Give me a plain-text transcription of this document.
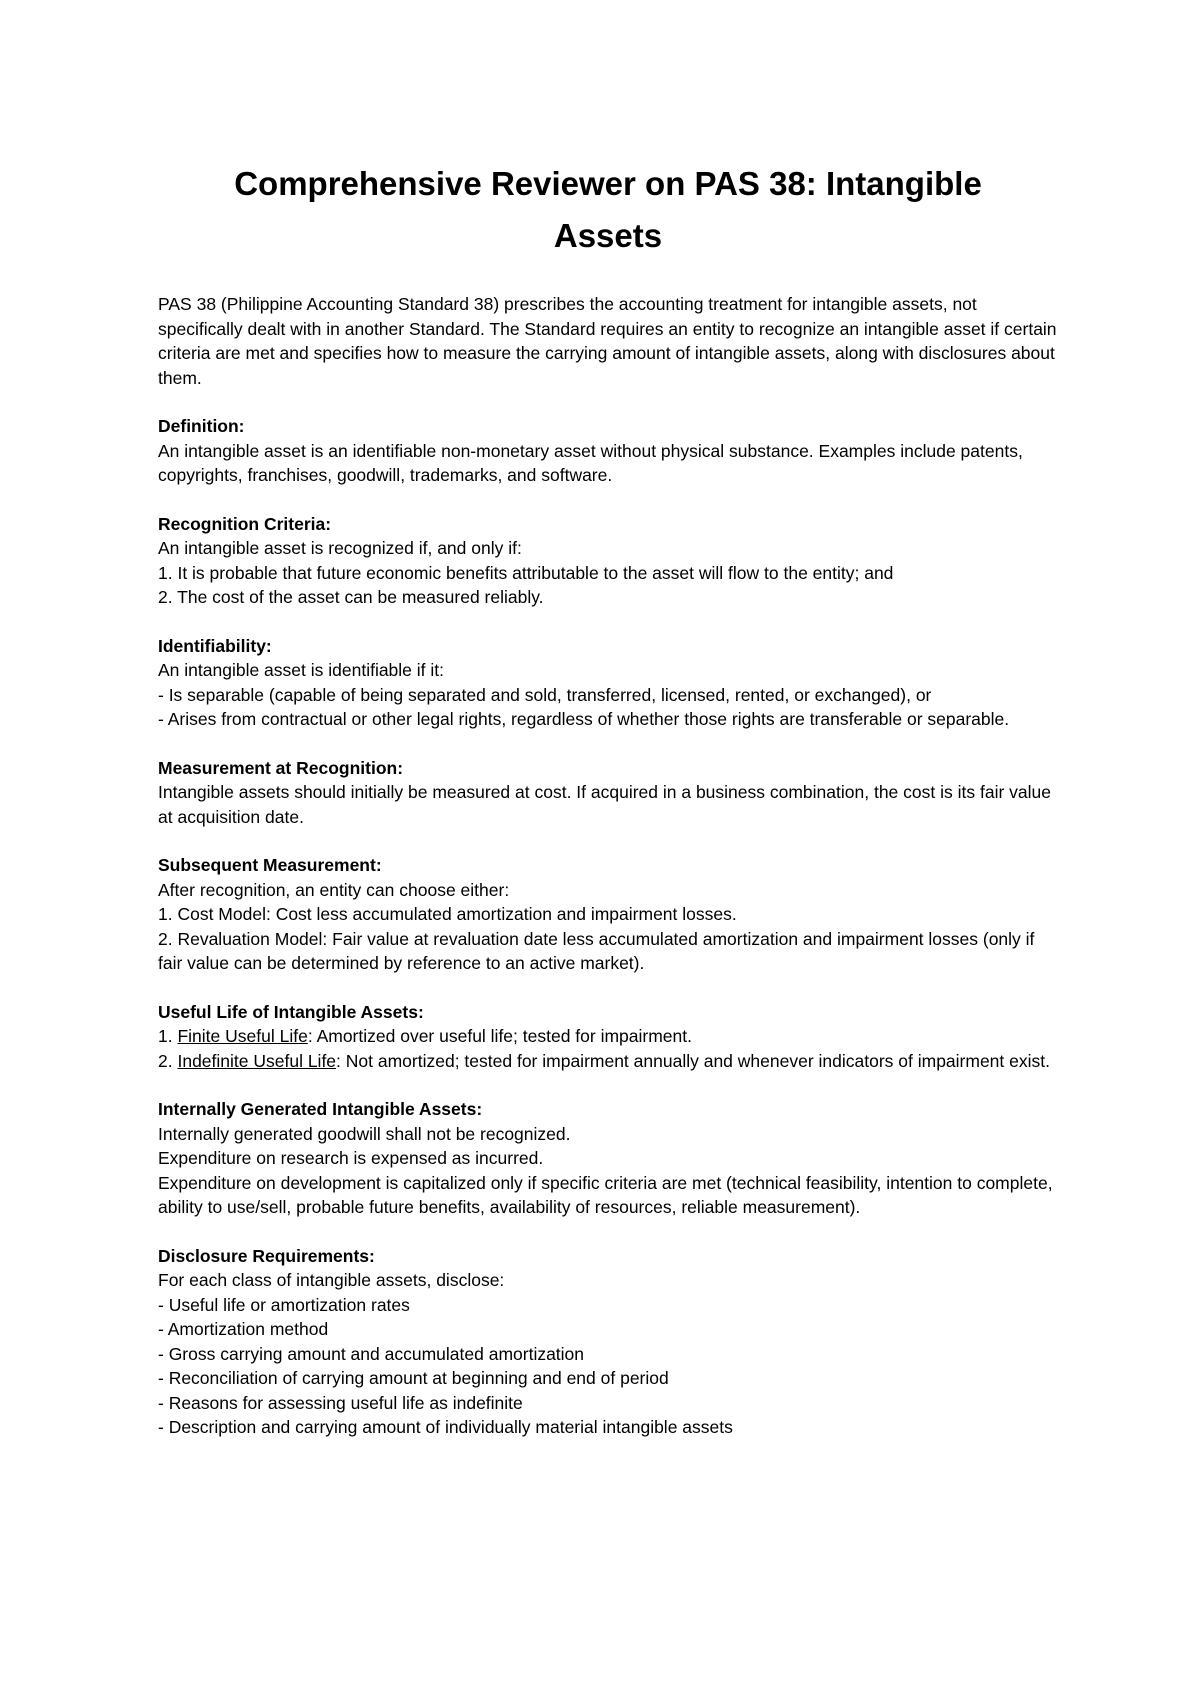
Comprehensive Reviewer on PAS 38: Intangible Assets

PAS 38 (Philippine Accounting Standard 38) prescribes the accounting treatment for intangible assets, not specifically dealt with in another Standard. The Standard requires an entity to recognize an intangible asset if certain criteria are met and specifies how to measure the carrying amount of intangible assets, along with disclosures about them.

Definition:
An intangible asset is an identifiable non-monetary asset without physical substance. Examples include patents, copyrights, franchises, goodwill, trademarks, and software.

Recognition Criteria:
An intangible asset is recognized if, and only if:
1. It is probable that future economic benefits attributable to the asset will flow to the entity; and
2. The cost of the asset can be measured reliably.

Identifiability:
An intangible asset is identifiable if it:
- Is separable (capable of being separated and sold, transferred, licensed, rented, or exchanged), or
- Arises from contractual or other legal rights, regardless of whether those rights are transferable or separable.

Measurement at Recognition:
Intangible assets should initially be measured at cost. If acquired in a business combination, the cost is its fair value at acquisition date.

Subsequent Measurement:
After recognition, an entity can choose either:
1. Cost Model: Cost less accumulated amortization and impairment losses.
2. Revaluation Model: Fair value at revaluation date less accumulated amortization and impairment losses (only if fair value can be determined by reference to an active market).

Useful Life of Intangible Assets:
1. Finite Useful Life: Amortized over useful life; tested for impairment.
2. Indefinite Useful Life: Not amortized; tested for impairment annually and whenever indicators of impairment exist.

Internally Generated Intangible Assets:
Internally generated goodwill shall not be recognized.
Expenditure on research is expensed as incurred.
Expenditure on development is capitalized only if specific criteria are met (technical feasibility, intention to complete, ability to use/sell, probable future benefits, availability of resources, reliable measurement).

Disclosure Requirements:
For each class of intangible assets, disclose:
- Useful life or amortization rates
- Amortization method
- Gross carrying amount and accumulated amortization
- Reconciliation of carrying amount at beginning and end of period
- Reasons for assessing useful life as indefinite
- Description and carrying amount of individually material intangible assets
